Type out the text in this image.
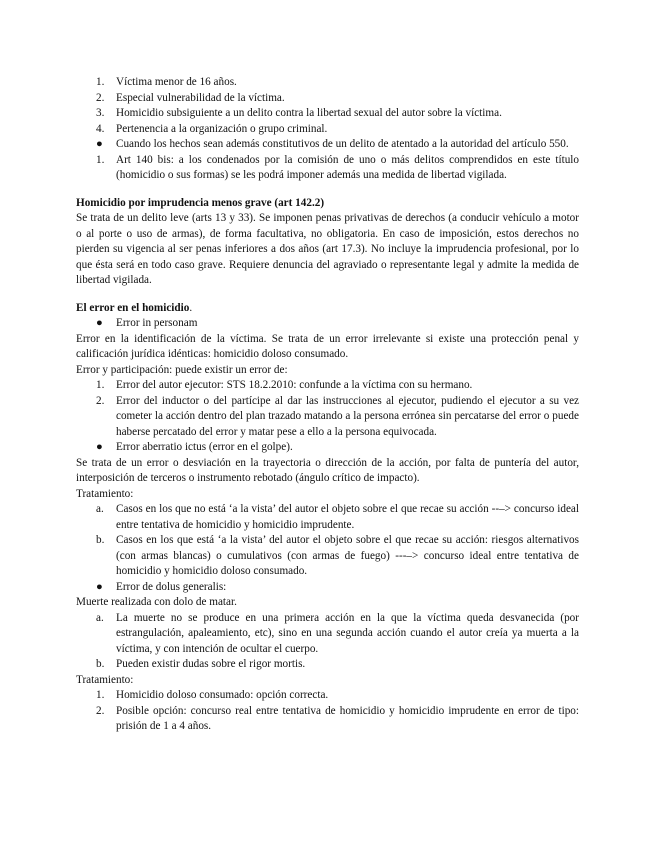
1.	Víctima menor de 16 años.
2.	Especial vulnerabilidad de la víctima.
3.	Homicidio subsiguiente a un delito contra la libertad sexual del autor sobre la víctima.
4.	Pertenencia a la organización o grupo criminal.
●	Cuando los hechos sean además constitutivos de un delito de atentado a la autoridad del artículo 550.
1.	Art 140 bis: a los condenados por la comisión de uno o más delitos comprendidos en este título (homicidio o sus formas) se les podrá imponer además una medida de libertad vigilada.
Homicidio por imprudencia menos grave (art 142.2)

Se trata de un delito leve (arts 13 y 33). Se imponen penas privativas de derechos (a conducir vehículo a motor o al porte o uso de armas), de forma facultativa, no obligatoria. En caso de imposición, estos derechos no pierden su vigencia al ser penas inferiores a dos años (art 17.3). No incluye la imprudencia profesional, por lo que ésta será en todo caso grave. Requiere denuncia del agraviado o representante legal y admite la medida de libertad vigilada.

El error en el homicidio.
●	Error in personam

Error en la identificación de la víctima. Se trata de un error irrelevante si existe una protección penal y calificación jurídica idénticas: homicidio doloso consumado.

Error y participación: puede existir un error de:

1.	Error del autor ejecutor: STS 18.2.2010: confunde a la víctima con su hermano.
2.	Error del inductor o del partícipe al dar las instrucciones al ejecutor, pudiendo el ejecutor a su vez cometer la acción dentro del plan trazado matando a la persona errónea sin percatarse del error o puede haberse percatado del error y matar pese a ello a la persona equivocada.
●	Error aberratio ictus (error en el golpe).

Se trata de un error o desviación en la trayectoria o dirección de la acción, por falta de puntería del autor, interposición de terceros o instrumento rebotado (ángulo crítico de impacto).

Tratamiento:

a.	Casos en los que no está ‘a la vista’ del autor el objeto sobre el que recae su acción --–> concurso ideal entre tentativa de homicidio y homicidio imprudente.
b.	Casos en los que está ‘a la vista’ del autor el objeto sobre el que recae su acción: riesgos alternativos (con armas blancas) o cumulativos (con armas de fuego) ---–> concurso ideal entre tentativa de homicidio y homicidio doloso consumado.
●	Error de dolus generalis:

Muerte realizada con dolo de matar.

a.	La muerte no se produce en una primera acción en la que la víctima queda desvanecida (por estrangulación, apaleamiento, etc), sino en una segunda acción cuando el autor creía ya muerta a la víctima, y con intención de ocultar el cuerpo.
b.	Pueden existir dudas sobre el rigor mortis.

Tratamiento:

1.	Homicidio doloso consumado: opción correcta.
2.	Posible opción: concurso real entre tentativa de homicidio y homicidio imprudente en error de tipo: prisión de 1 a 4 años.
